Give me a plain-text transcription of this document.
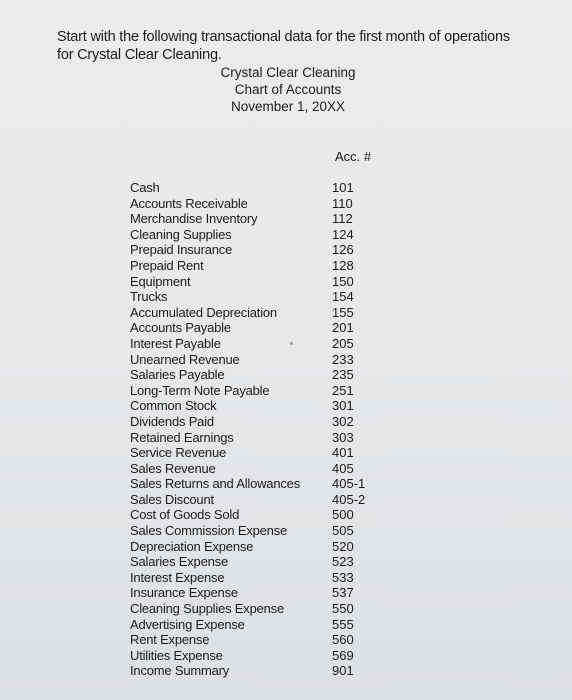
Start with the following transactional data for the first month of operations for Crystal Clear Cleaning.
Crystal Clear Cleaning
Chart of Accounts
November 1, 20XX
Acc. #
Cash	101
Accounts Receivable	110
Merchandise Inventory	112
Cleaning Supplies	124
Prepaid Insurance	126
Prepaid Rent	128
Equipment	150
Trucks	154
Accumulated Depreciation	155
Accounts Payable	201
Interest Payable	205
Unearned Revenue	233
Salaries Payable	235
Long-Term Note Payable	251
Common Stock	301
Dividends Paid	302
Retained Earnings	303
Service Revenue	401
Sales Revenue	405
Sales Returns and Allowances 405-1
Sales Discount	405-2
Cost of Goods Sold	500
Sales Commission Expense	505
Depreciation Expense	520
Salaries Expense	523
Interest Expense	533
Insurance Expense	537
Cleaning Supplies Expense	550
Advertising Expense	555
Rent Expense	560
Utilities Expense	569
Income Summary	901
